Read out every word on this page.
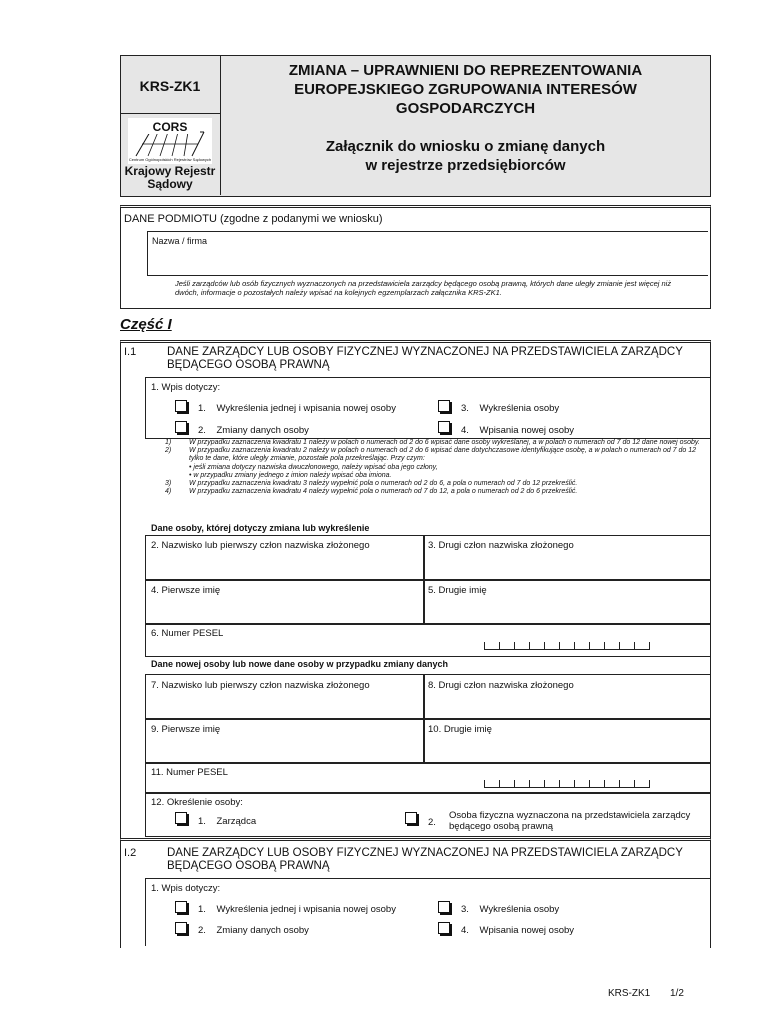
KRS-ZK1
CORS
Centrum Ogólnopolskich Rejestrów Sądowych
Krajowy Rejestr Sądowy
ZMIANA – UPRAWNIENI DO REPREZENTOWANIA
EUROPEJSKIEGO ZGRUPOWANIA INTERESÓW
GOSPODARCZYCH
Załącznik do wniosku o zmianę danych
w rejestrze przedsiębiorców
DANE PODMIOTU (zgodne z podanymi we wniosku)
Nazwa / firma
Jeśli zarządców lub osób fizycznych wyznaczonych na przedstawiciela zarządcy będącego osobą prawną, których dane uległy zmianie jest więcej niż dwóch, informacje o pozostałych należy wpisać na kolejnych egzemplarzach załącznika KRS-ZK1.
Część I
I.1	DANE ZARZĄDCY LUB OSOBY FIZYCZNEJ WYZNACZONEJ NA PRZEDSTAWICIELA ZARZĄDCY BĘDĄCEGO OSOBĄ PRAWNĄ
1. Wpis dotyczy:
1. Wykreślenia jednej i wpisania nowej osoby	3. Wykreślenia osoby
2. Zmiany danych osoby	4. Wpisania nowej osoby
1)	W przypadku zaznaczenia kwadratu 1 należy w polach o numerach od 2 do 6 wpisać dane osoby wykreślanej, a w polach o numerach od 7 do 12 dane nowej osoby.
2)	W przypadku zaznaczenia kwadratu 2 należy w polach o numerach od 2 do 6 wpisać dane dotychczasowe identyfikujące osobę, a w polach o numerach od 7 do 12 tylko te dane, które uległy zmianie, pozostałe pola przekreślając. Przy czym:
• jeśli zmiana dotyczy nazwiska dwuczłonowego, należy wpisać oba jego człony,
• w przypadku zmiany jednego z imion należy wpisać oba imiona.
3)	W przypadku zaznaczenia kwadratu 3 należy wypełnić pola o numerach od 2 do 6, a pola o numerach od 7 do 12 przekreślić.
4)	W przypadku zaznaczenia kwadratu 4 należy wypełnić pola o numerach od 7 do 12, a pola o numerach od 2 do 6 przekreślić.
Dane osoby, której dotyczy zmiana lub wykreślenie
2. Nazwisko lub pierwszy człon nazwiska złożonego	3. Drugi człon nazwiska złożonego
4. Pierwsze imię	5. Drugie imię
6. Numer PESEL
Dane nowej osoby lub nowe dane osoby w przypadku zmiany danych
7. Nazwisko lub pierwszy człon nazwiska złożonego	8. Drugi człon nazwiska złożonego
9. Pierwsze imię	10. Drugie imię
11. Numer PESEL
12. Określenie osoby:
1. Zarządca	2.
Osoba fizyczna wyznaczona na przedstawiciela zarządcy będącego osobą prawną
I.2	DANE ZARZĄDCY LUB OSOBY FIZYCZNEJ WYZNACZONEJ NA PRZEDSTAWICIELA ZARZĄDCY BĘDĄCEGO OSOBĄ PRAWNĄ
1. Wpis dotyczy:
1. Wykreślenia jednej i wpisania nowej osoby	3. Wykreślenia osoby
2. Zmiany danych osoby	4. Wpisania nowej osoby
KRS-ZK1 1/2
